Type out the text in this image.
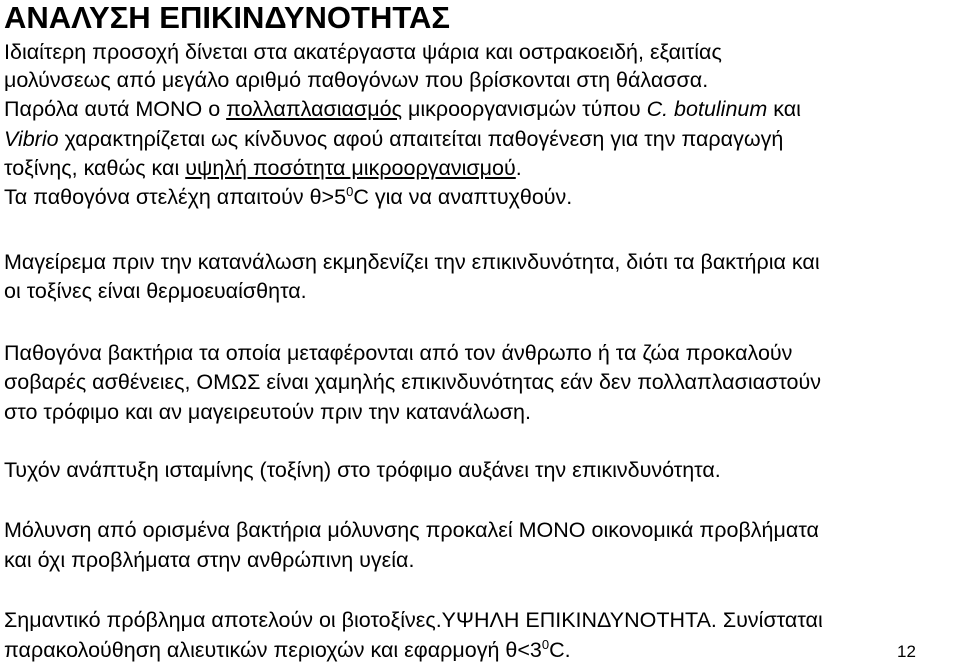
ΑΝΑΛΥΣΗ ΕΠΙΚΙΝΔΥΝΟΤΗΤΑΣ

Ιδιαίτερη προσοχή δίνεται στα ακατέργαστα ψάρια και οστρακοειδή, εξαιτίας

μολύνσεως από μεγάλο αριθμό παθογόνων που βρίσκονται στη θάλασσα.

Παρόλα αυτά ΜΟΝΟ ο πολλαπλασιασμός μικροοργανισμών τύπου C. botulinum και

Vibrio χαρακτηρίζεται ως κίνδυνος αφού απαιτείται παθογένεση για την παραγωγή

τοξίνης, καθώς και υψηλή ποσότητα μικροοργανισμού.

Τα παθογόνα στελέχη απαιτούν $\theta>5^0C$ για να αναπτυχθούν.

Μαγείρεμα πριν την κατανάλωση εκμηδενίζει την επικινδυνότητα, διότι τα βακτήρια και

οι τοξίνες είναι θερμοευαίσθητα.

Παθογόνα βακτήρια τα οποία μεταφέρονται από τον άνθρωπο ή τα ζώα προκαλούν

σοβαρές ασθένειες, ΟΜΩΣ είναι χαμηλής επικινδυνότητας εάν δεν πολλαπλασιαστούν

στο τρόφιμο και αν μαγειρευτούν πριν την κατανάλωση.

Τυχόν ανάπτυξη ισταμίνης (τοξίνη) στο τρόφιμο αυξάνει την επικινδυνότητα.

Μόλυνση από ορισμένα βακτήρια μόλυνσης προκαλεί ΜΟΝΟ οικονομικά προβλήματα

και όχι προβλήματα στην ανθρώπινη υγεία.

Σημαντικό πρόβλημα αποτελούν οι βιοτοξίνες.ΥΨΗΛΗ ΕΠΙΚΙΝΔΥΝΟΤΗΤΑ. Συνίσταται

παρακολούθηση αλιευτικών περιοχών και εφαρμογή $\theta<3^0C$.	12
